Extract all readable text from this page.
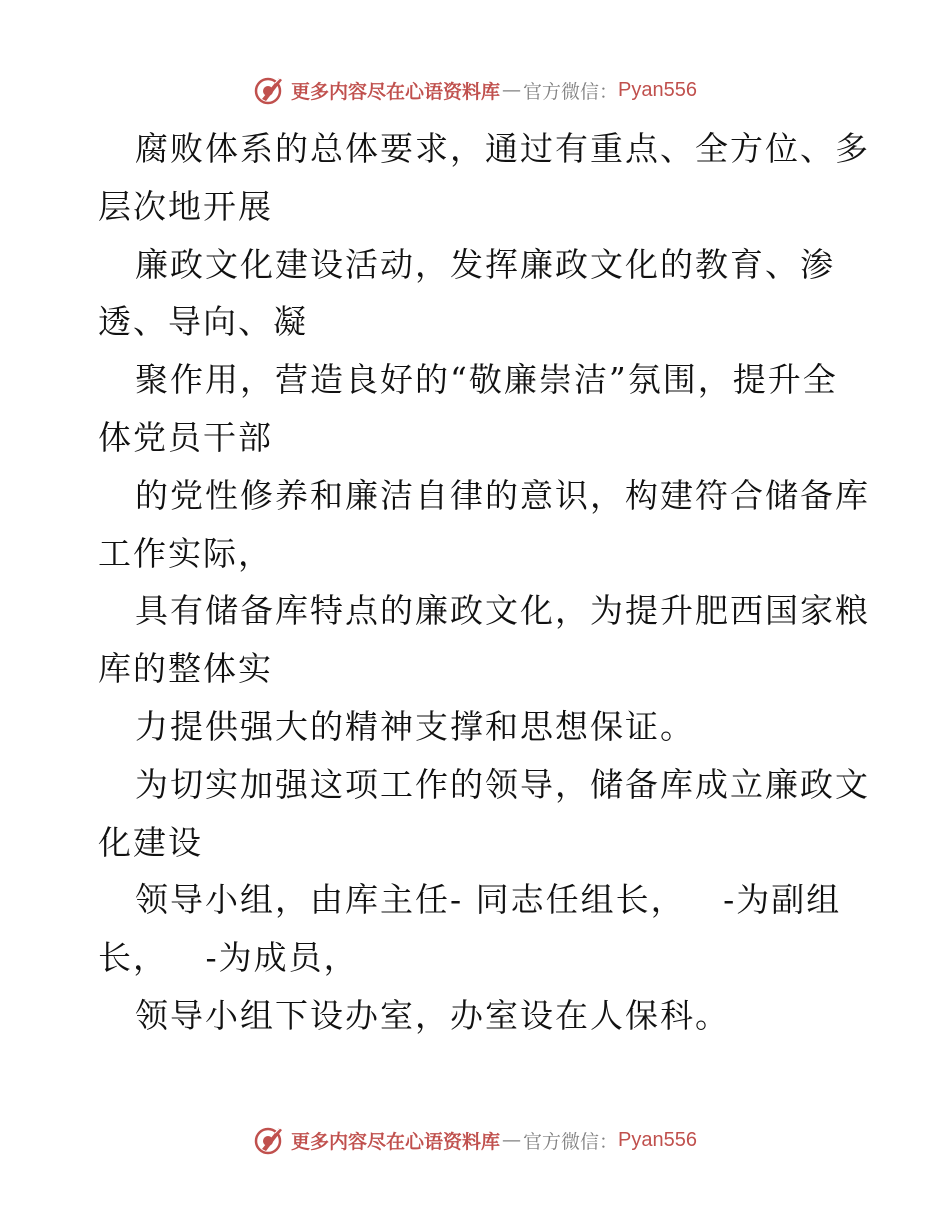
更多内容尽在心语资料库 — 官方微信： Pyan556
腐败体系的总体要求，通过有重点、全方位、多
层次地开展
廉政文化建设活动，发挥廉政文化的教育、渗
透、导向、凝
聚作用，营造良好的“敬廉崇洁”氛围，提升全
体党员干部
的党性修养和廉洁自律的意识，构建符合储备库
工作实际，
具有储备库特点的廉政文化，为提升肥西国家粮
库的整体实
力提供强大的精神支撑和思想保证。
为切实加强这项工作的领导，储备库成立廉政文
化建设
领导小组，由库主任- 同志任组长，   -为副组
长，   -为成员，
领导小组下设办室，办室设在人保科。
更多内容尽在心语资料库 — 官方微信： Pyan556
